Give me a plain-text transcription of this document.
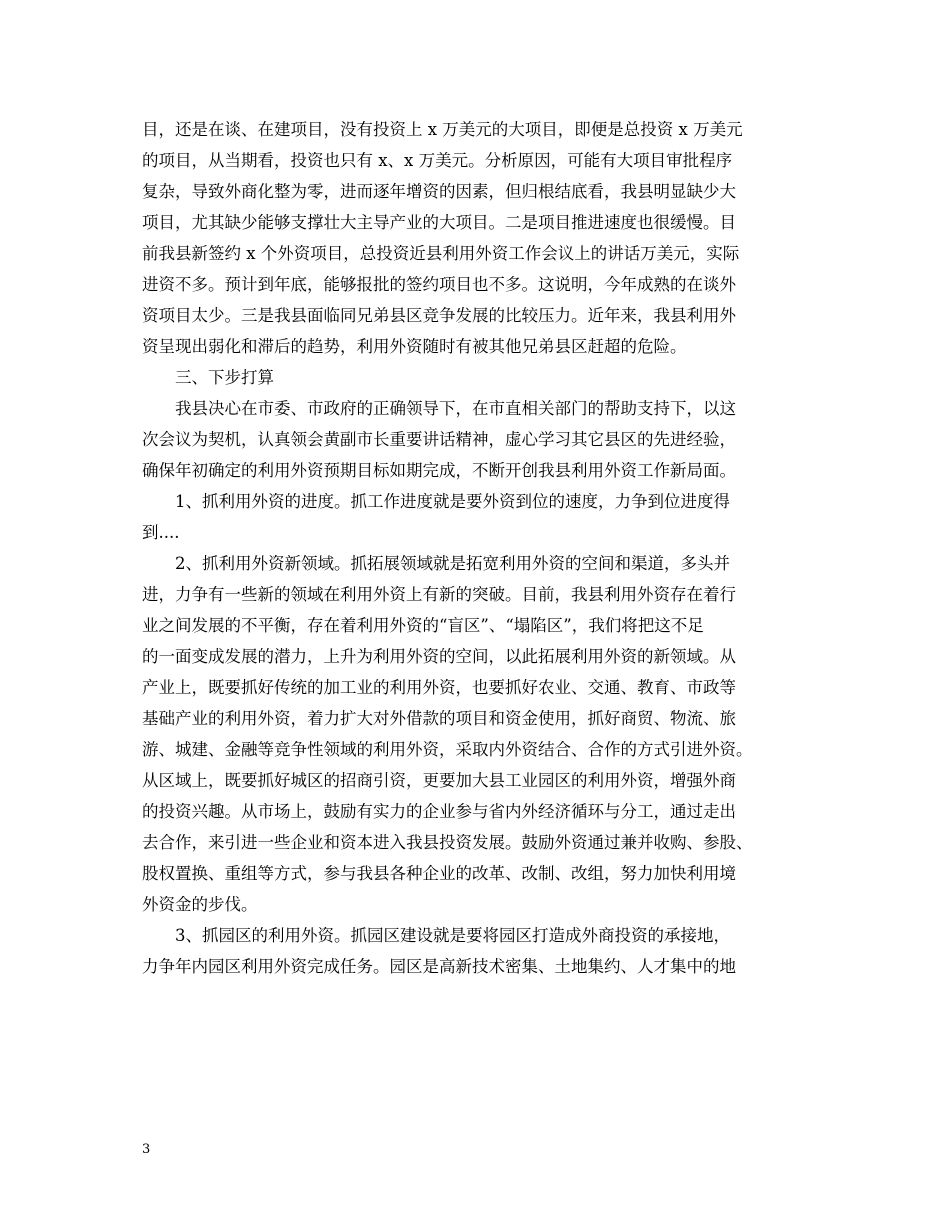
目，还是在谈、在建项目，没有投资上 x 万美元的大项目，即便是总投资 x 万美元
的项目，从当期看，投资也只有 x、x 万美元。分析原因，可能有大项目审批程序
复杂，导致外商化整为零，进而逐年增资的因素，但归根结底看，我县明显缺少大
项目，尤其缺少能够支撑壮大主导产业的大项目。二是项目推进速度也很缓慢。目
前我县新签约 x 个外资项目，总投资近县利用外资工作会议上的讲话万美元，实际
进资不多。预计到年底，能够报批的签约项目也不多。这说明，今年成熟的在谈外
资项目太少。三是我县面临同兄弟县区竞争发展的比较压力。近年来，我县利用外
资呈现出弱化和滞后的趋势，利用外资随时有被其他兄弟县区赶超的危险。
三、下步打算
我县决心在市委、市政府的正确领导下，在市直相关部门的帮助支持下，以这
次会议为契机，认真领会黄副市长重要讲话精神，虚心学习其它县区的先进经验，
确保年初确定的利用外资预期目标如期完成，不断开创我县利用外资工作新局面。
1、抓利用外资的进度。抓工作进度就是要外资到位的速度，力争到位进度得
到....
2、抓利用外资新领域。抓拓展领域就是拓宽利用外资的空间和渠道，多头并
进，力争有一些新的领域在利用外资上有新的突破。目前，我县利用外资存在着行
业之间发展的不平衡，存在着利用外资的“盲区”、“塌陷区”，我们将把这不足
的一面变成发展的潜力，上升为利用外资的空间，以此拓展利用外资的新领域。从
产业上，既要抓好传统的加工业的利用外资，也要抓好农业、交通、教育、市政等
基础产业的利用外资，着力扩大对外借款的项目和资金使用，抓好商贸、物流、旅
游、城建、金融等竞争性领域的利用外资，采取内外资结合、合作的方式引进外资。
从区域上，既要抓好城区的招商引资，更要加大县工业园区的利用外资，增强外商
的投资兴趣。从市场上，鼓励有实力的企业参与省内外经济循环与分工，通过走出
去合作，来引进一些企业和资本进入我县投资发展。鼓励外资通过兼并收购、参股、
股权置换、重组等方式，参与我县各种企业的改革、改制、改组，努力加快利用境
外资金的步伐。
3、抓园区的利用外资。抓园区建设就是要将园区打造成外商投资的承接地，
力争年内园区利用外资完成任务。园区是高新技术密集、土地集约、人才集中的地
3
